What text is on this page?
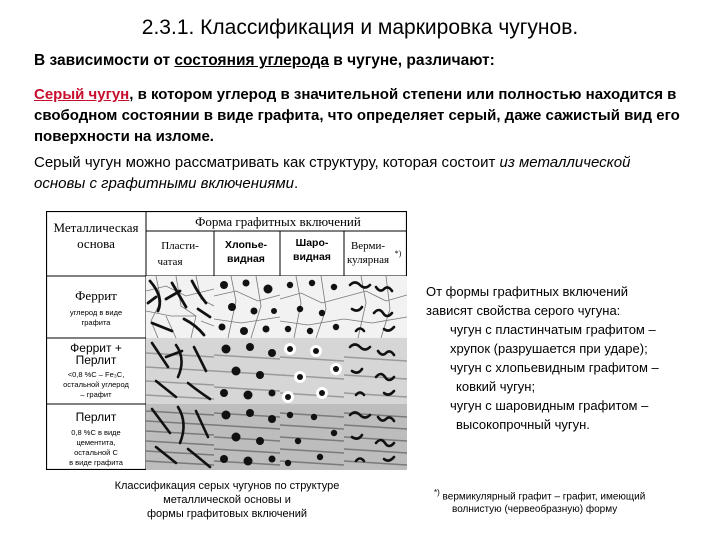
2.3.1. Классификация и маркировка чугунов.
В зависимости от состояния углерода в чугуне, различают:
Серый чугун, в котором углерод в значительной степени или полностью находится в свободном состоянии в виде графита, что определяет серый, даже сажистый вид его поверхности на изломе.
Серый чугун можно рассматривать как структуру, которая состоит из металлической основы с графитными включениями.
Металлическая
основа
Форма графитных включений
Пласти-
чатая
Хлопье-
видная
Шаро-
видная
Верми-
кулярная
*)
Феррит
углерод в виде
графита
Феррит +
Перлит
<0,8 %С – Fe₃C,
остальной углерод
– графит
Перлит
0,8 %С в виде
цементита,
остальной С
в виде графита
Классификация серых чугунов по структуре
металлической основы и
формы графитовых включений
От формы графитных включений
зависят свойства серого чугуна:
чугун с пластинчатым графитом –
хрупок (разрушается при ударе);
чугун с хлопьевидным графитом –
ковкий чугун;
чугун с шаровидным графитом –
высокопрочный чугун.
*) вермикулярный графит – графит, имеющий
волнистую (червеобразную) форму
